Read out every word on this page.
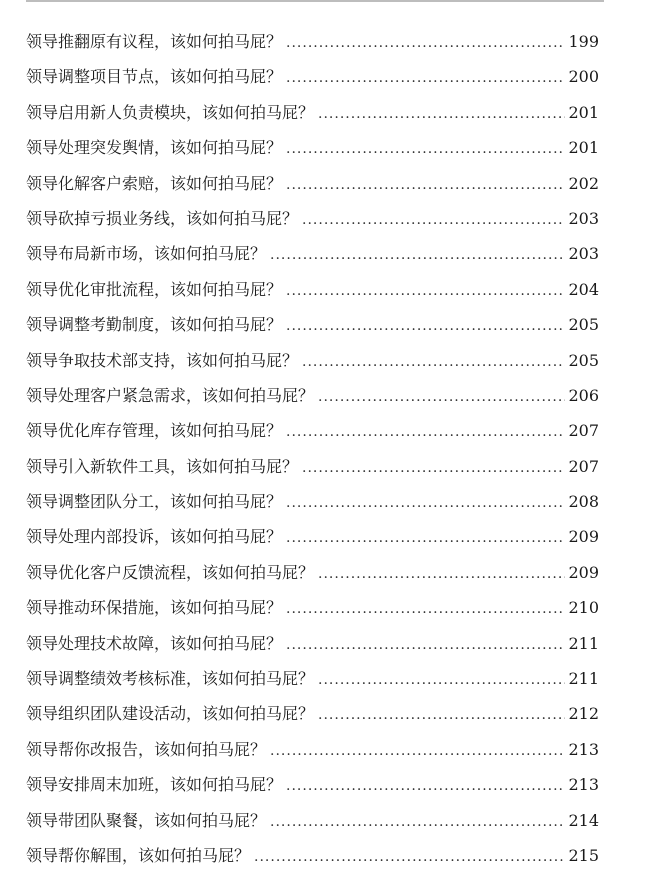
领导推翻原有议程，该如何拍马屁？ .....	199
领导调整项目节点，该如何拍马屁？ .....	200
领导启用新人负责模块，该如何拍马屁？ .....	201
领导处理突发舆情，该如何拍马屁？ .....	201
领导化解客户索赔，该如何拍马屁？ .....	202
领导砍掉亏损业务线，该如何拍马屁？ .....	203
领导布局新市场，该如何拍马屁？ .....	203
领导优化审批流程，该如何拍马屁？ .....	204
领导调整考勤制度，该如何拍马屁？ .....	205
领导争取技术部支持，该如何拍马屁？ .....	205
领导处理客户紧急需求，该如何拍马屁？ .....	206
领导优化库存管理，该如何拍马屁？ .....	207
领导引入新软件工具，该如何拍马屁？ .....	207
领导调整团队分工，该如何拍马屁？ .....	208
领导处理内部投诉，该如何拍马屁？ .....	209
领导优化客户反馈流程，该如何拍马屁？ .....	209
领导推动环保措施，该如何拍马屁？ .....	210
领导处理技术故障，该如何拍马屁？ .....	211
领导调整绩效考核标准，该如何拍马屁？ .....	211
领导组织团队建设活动，该如何拍马屁？ .....	212
领导帮你改报告，该如何拍马屁？ .....	213
领导安排周末加班，该如何拍马屁？ .....	213
领导带团队聚餐，该如何拍马屁？ .....	214
领导帮你解围，该如何拍马屁？ .....	215
